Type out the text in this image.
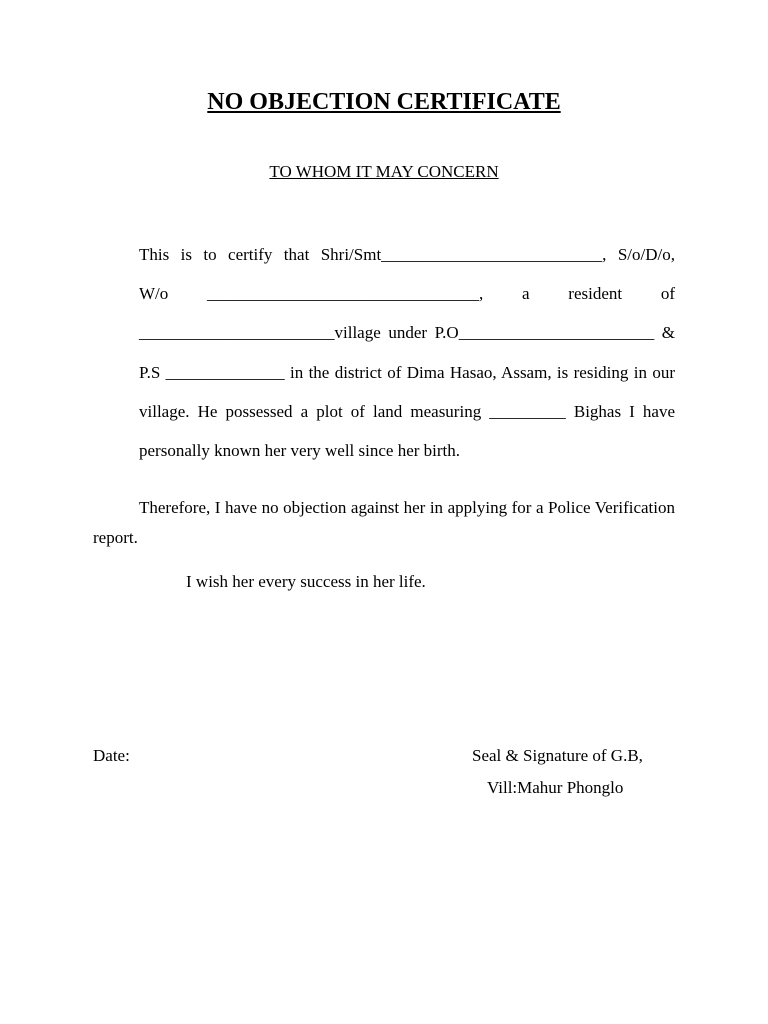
NO OBJECTION CERTIFICATE
TO WHOM IT MAY CONCERN
This is to certify that Shri/Smt__________________________, S/o/D/o,
W/o ________________________________, a resident of
_______________________village under P.O_______________________ &
P.S ______________ in the district of Dima Hasao, Assam, is residing in our
village. He possessed a plot of land measuring _________ Bighas I have
personally known her very well since her birth.
Therefore, I have no objection against her in applying for a Police Verification report.
I wish her every success in her life.
Date:	Seal & Signature of G.B,
Vill:Mahur Phonglo
